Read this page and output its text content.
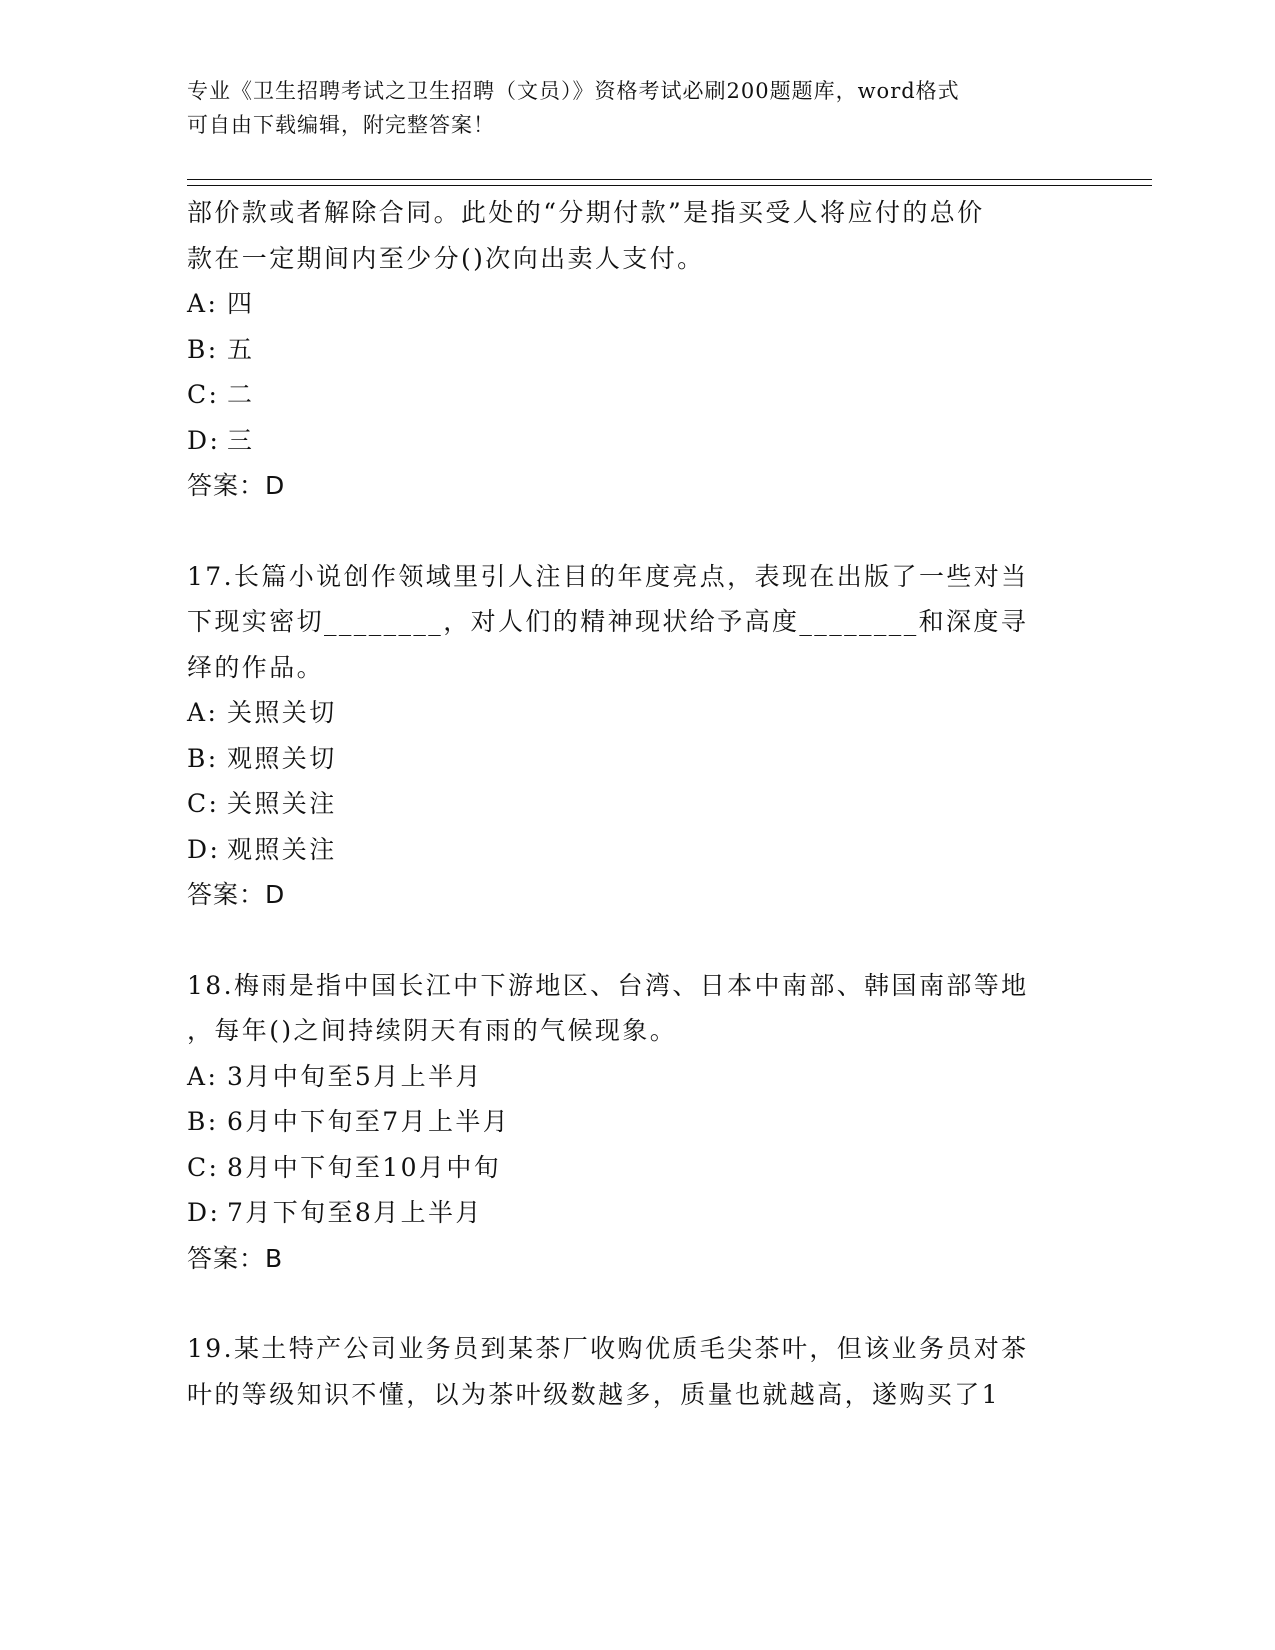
专业《卫生招聘考试之卫生招聘（文员）》资格考试必刷200题题库，word格式
可自由下载编辑，附完整答案！
部价款或者解除合同。此处的“分期付款”是指买受人将应付的总价
款在一定期间内至少分()次向出卖人支付。
A: 四
B: 五
C: 二
D: 三
答案：D
17.长篇小说创作领域里引人注目的年度亮点，表现在出版了一些对当
下现实密切________，对人们的精神现状给予高度________和深度寻
绎的作品。
A: 关照关切
B: 观照关切
C: 关照关注
D: 观照关注
答案：D
18.梅雨是指中国长江中下游地区、台湾、日本中南部、韩国南部等地
，每年()之间持续阴天有雨的气候现象。
A: 3月中旬至5月上半月
B: 6月中下旬至7月上半月
C: 8月中下旬至10月中旬
D: 7月下旬至8月上半月
答案：B
19.某土特产公司业务员到某茶厂收购优质毛尖茶叶，但该业务员对茶
叶的等级知识不懂，以为茶叶级数越多，质量也就越高，遂购买了1
